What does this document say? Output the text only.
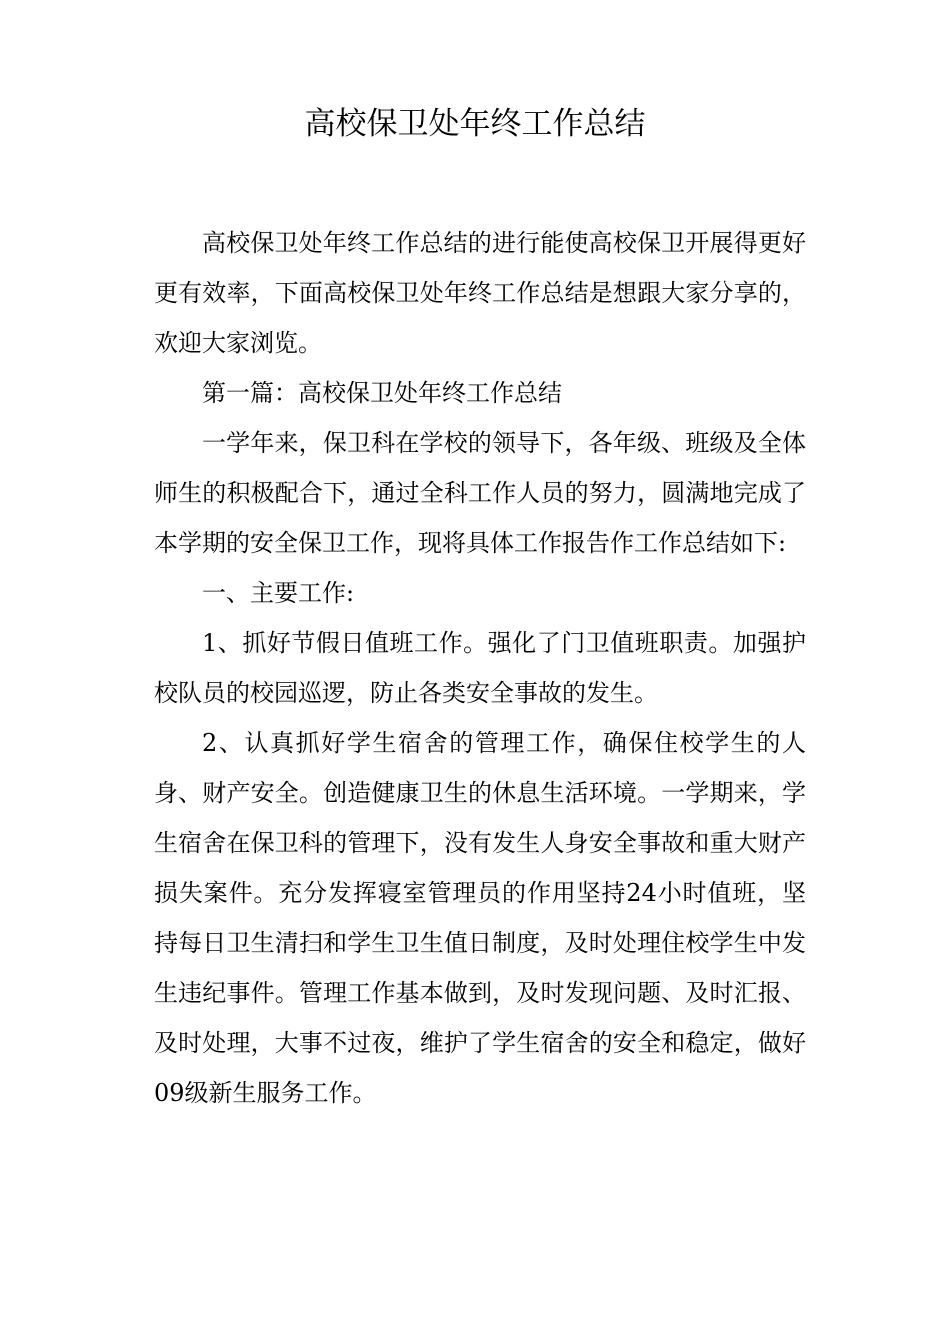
高校保卫处年终工作总结

高校保卫处年终工作总结的进行能使高校保卫开展得更好更有效率，下面高校保卫处年终工作总结是想跟大家分享的，欢迎大家浏览。

第一篇：高校保卫处年终工作总结

一学年来，保卫科在学校的领导下，各年级、班级及全体师生的积极配合下，通过全科工作人员的努力，圆满地完成了本学期的安全保卫工作，现将具体工作报告作工作总结如下:

一、主要工作:

1、抓好节假日值班工作。强化了门卫值班职责。加强护校队员的校园巡逻，防止各类安全事故的发生。

2、认真抓好学生宿舍的管理工作，确保住校学生的人身、财产安全。创造健康卫生的休息生活环境。一学期来，学生宿舍在保卫科的管理下，没有发生人身安全事故和重大财产损失案件。充分发挥寝室管理员的作用坚持24小时值班，坚持每日卫生清扫和学生卫生值日制度，及时处理住校学生中发生违纪事件。管理工作基本做到，及时发现问题、及时汇报、及时处理，大事不过夜，维护了学生宿舍的安全和稳定，做好09级新生服务工作。
